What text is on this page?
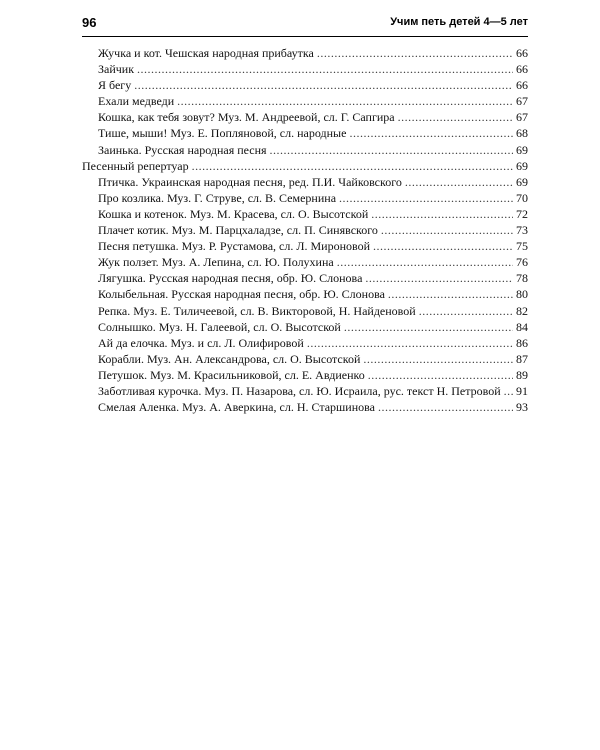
96	Учим петь детей 4—5 лет
Жучка и кот. Чешская народная прибаутка .....	66
Зайчик .....	66
Я бегу .....	66
Ехали медведи .....	67
Кошка, как тебя зовут? Муз. М. Андреевой, сл. Г. Сапгира .....	67
Тише, мыши! Муз. Е. Поплянoвой, сл. народные .....	68
Заинька. Русская народная песня .....	69
Песенный репертуар .....	69
Птичка. Украинская народная песня, ред. П.И. Чайковского .....	69
Про козлика. Муз. Г. Струве, сл. В. Семернина .....	70
Кошка и котенок. Муз. М. Красева, сл. О. Высотской .....	72
Плачет котик. Муз. М. Парцхаладзе, сл. П. Синявского .....	73
Песня петушка. Муз. Р. Рустамова, сл. Л. Мироновой .....	75
Жук ползет. Муз. А. Лепина, сл. Ю. Полухина .....	76
Лягушка. Русская народная песня, обр. Ю. Слонова .....	78
Колыбельная. Русская народная песня, обр. Ю. Слонова .....	80
Репка. Муз. Е. Тиличеевой, сл. В. Викторовой, Н. Найденовой .....	82
Солнышко. Муз. Н. Галеевой, сл. О. Высотской .....	84
Ай да елочка. Муз. и сл. Л. Олифировой .....	86
Корабли. Муз. Ан. Александрова, сл. О. Высотской .....	87
Петушок. Муз. М. Красильниковой, сл. Е. Авдиенко .....	89
Заботливая курочка. Муз. П. Назарова, сл. Ю. Исраила, рус. текст Н. Петровой ..... 91
Смелая Аленка. Муз. А. Аверкина, сл. Н. Старшинова .....	93
